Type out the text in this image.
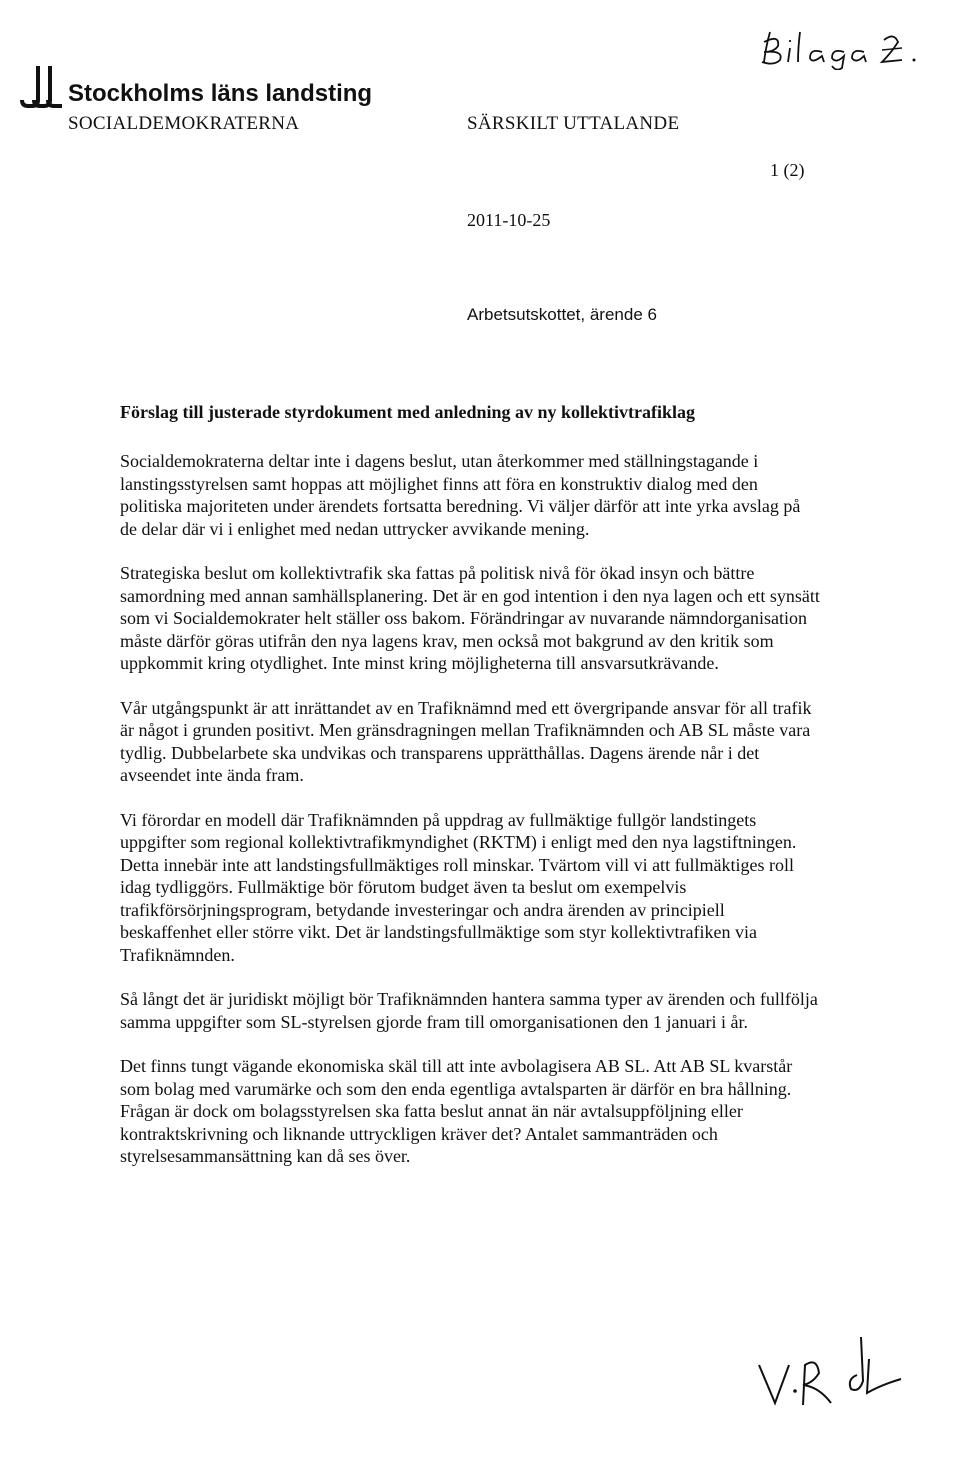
Stockholms läns landsting
SOCIALDEMOKRATERNA	SÄRSKILT UTTALANDE
1 (2)
2011-10-25
Arbetsutskottet, ärende 6
Förslag till justerade styrdokument med anledning av ny kollektivtrafiklag

Socialdemokraterna deltar inte i dagens beslut, utan återkommer med ställningstagande i lanstingsstyrelsen samt hoppas att möjlighet finns att föra en konstruktiv dialog med den politiska majoriteten under ärendets fortsatta beredning. Vi väljer därför att inte yrka avslag på de delar där vi i enlighet med nedan uttrycker avvikande mening.

Strategiska beslut om kollektivtrafik ska fattas på politisk nivå för ökad insyn och bättre samordning med annan samhällsplanering. Det är en god intention i den nya lagen och ett synsätt som vi Socialdemokrater helt ställer oss bakom. Förändringar av nuvarande nämndorganisation måste därför göras utifrån den nya lagens krav, men också mot bakgrund av den kritik som uppkommit kring otydlighet. Inte minst kring möjligheterna till ansvarsutkrävande.

Vår utgångspunkt är att inrättandet av en Trafiknämnd med ett övergripande ansvar för all trafik är något i grunden positivt. Men gränsdragningen mellan Trafiknämnden och AB SL måste vara tydlig. Dubbelarbete ska undvikas och transparens upprätthållas. Dagens ärende når i det avseendet inte ända fram.

Vi förordar en modell där Trafiknämnden på uppdrag av fullmäktige fullgör landstingets uppgifter som regional kollektivtrafikmyndighet (RKTM) i enligt med den nya lagstiftningen. Detta innebär inte att landstingsfullmäktiges roll minskar. Tvärtom vill vi att fullmäktiges roll idag tydliggörs. Fullmäktige bör förutom budget även ta beslut om exempelvis trafikförsörjningsprogram, betydande investeringar och andra ärenden av principiell beskaffenhet eller större vikt. Det är landstingsfullmäktige som styr kollektivtrafiken via Trafiknämnden.

Så långt det är juridiskt möjligt bör Trafiknämnden hantera samma typer av ärenden och fullfölja samma uppgifter som SL-styrelsen gjorde fram till omorganisationen den 1 januari i år.

Det finns tungt vägande ekonomiska skäl till att inte avbolagisera AB SL. Att AB SL kvarstår som bolag med varumärke och som den enda egentliga avtalsparten är därför en bra hållning. Frågan är dock om bolagsstyrelsen ska fatta beslut annat än när avtalsuppföljning eller kontraktskrivning och liknande uttryckligen kräver det? Antalet sammanträden och styrelsesammansättning kan då ses över.
